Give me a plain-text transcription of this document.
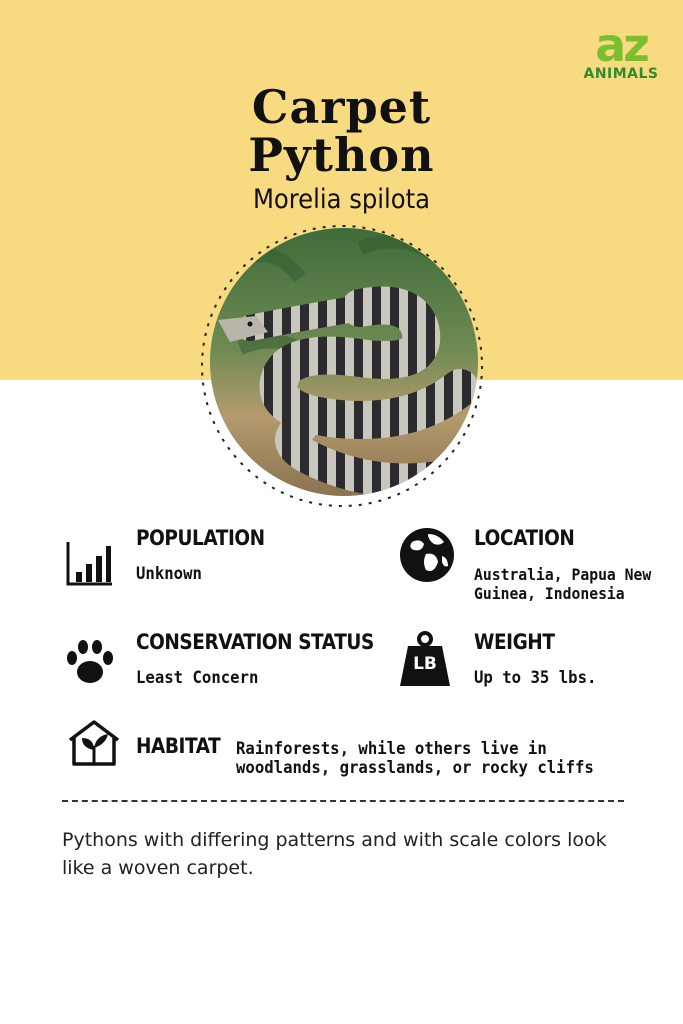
az
ANIMALS
Carpet
Python
Morelia spilota
POPULATION
Unknown
LOCATION
Australia, Papua New Guinea, Indonesia
CONSERVATION STATUS
Least Concern
LB
WEIGHT
Up to 35 lbs.
HABITAT Rainforests, while others live in woodlands, grasslands, or rocky cliffs
Pythons with differing patterns and with scale colors look like a woven carpet.
